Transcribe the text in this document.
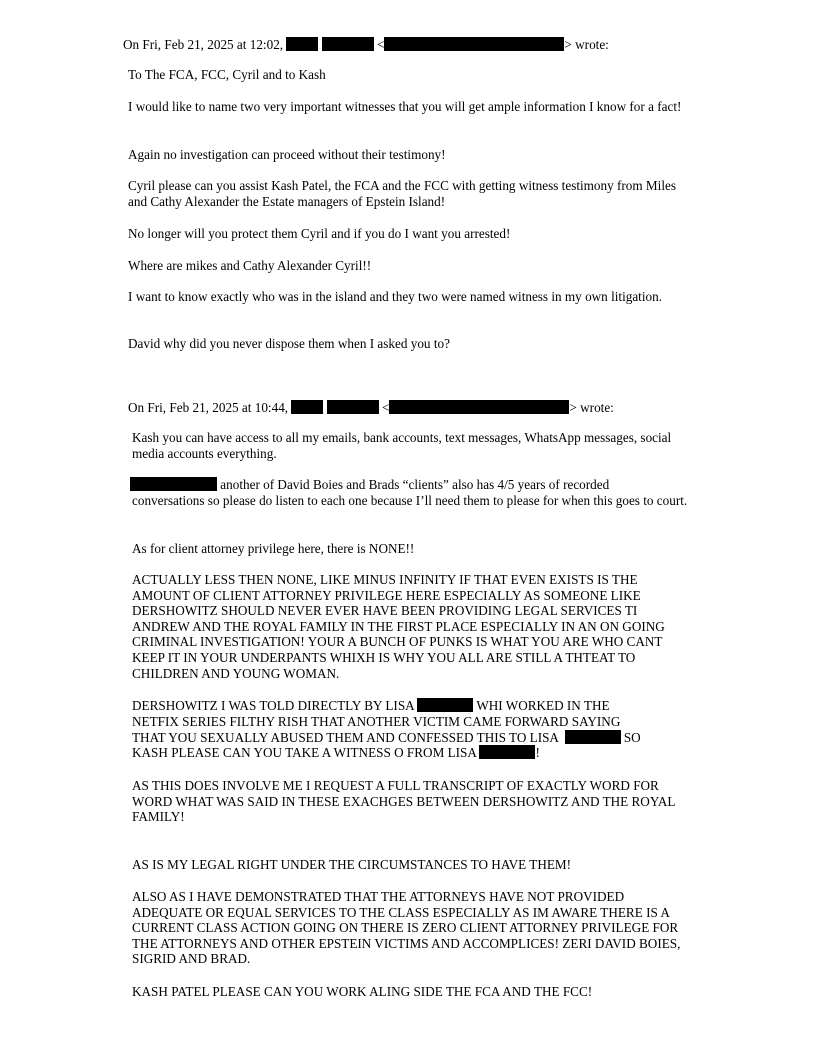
On Fri, Feb 21, 2025 at 12:02,	<	> wrote:
To The FCA, FCC, Cyril and to Kash
I would like to name two very important witnesses that you will get ample information I know for a fact!
Again no investigation can proceed without their testimony!
Cyril please can you assist Kash Patel, the FCA and the FCC with getting witness testimony from Miles and Cathy Alexander the Estate managers of Epstein Island!
No longer will you protect them Cyril and if you do I want you arrested!
Where are mikes and Cathy Alexander Cyril!!
I want to know exactly who was in the island and they two were named witness in my own litigation.
David why did you never dispose them when I asked you to?
On Fri, Feb 21, 2025 at 10:44,	<	> wrote:
Kash you can have access to all my emails, bank accounts, text messages, WhatsApp messages, social media accounts everything.
another of David Boies and Brads “clients” also has 4/5 years of recorded
conversations so please do listen to each one because I’ll need them to please for when this goes to court.
As for client attorney privilege here, there is NONE!!
ACTUALLY LESS THEN NONE, LIKE MINUS INFINITY IF THAT EVEN EXISTS IS THE AMOUNT OF CLIENT ATTORNEY PRIVILEGE HERE ESPECIALLY AS SOMEONE LIKE DERSHOWITZ SHOULD NEVER EVER HAVE BEEN PROVIDING LEGAL SERVICES TI ANDREW AND THE ROYAL FAMILY IN THE FIRST PLACE ESPECIALLY IN AN ON GOING CRIMINAL INVESTIGATION! YOUR A BUNCH OF PUNKS IS WHAT YOU ARE WHO CANT KEEP IT IN YOUR UNDERPANTS WHIXH IS WHY YOU ALL ARE STILL A THTEAT TO CHILDREN AND YOUNG WOMAN.
DERSHOWITZ I WAS TOLD DIRECTLY BY LISA	WHI WORKED IN THE
NETFIX SERIES FILTHY RISH THAT ANOTHER VICTIM CAME FORWARD SAYING
THAT YOU SEXUALLY ABUSED THEM AND CONFESSED THIS TO LISA	SO
KASH PLEASE CAN YOU TAKE A WITNESS O FROM LISA	!
AS THIS DOES INVOLVE ME I REQUEST A FULL TRANSCRIPT OF EXACTLY WORD FOR WORD WHAT WAS SAID IN THESE EXACHGES BETWEEN DERSHOWITZ AND THE ROYAL FAMILY!
AS IS MY LEGAL RIGHT UNDER THE CIRCUMSTANCES TO HAVE THEM!
ALSO AS I HAVE DEMONSTRATED THAT THE ATTORNEYS HAVE NOT PROVIDED ADEQUATE OR EQUAL SERVICES TO THE CLASS ESPECIALLY AS IM AWARE THERE IS A CURRENT CLASS ACTION GOING ON THERE IS ZERO CLIENT ATTORNEY PRIVILEGE FOR THE ATTORNEYS AND OTHER EPSTEIN VICTIMS AND ACCOMPLICES! ZERI DAVID BOIES, SIGRID AND BRAD.
KASH PATEL PLEASE CAN YOU WORK ALING SIDE THE FCA AND THE FCC!
